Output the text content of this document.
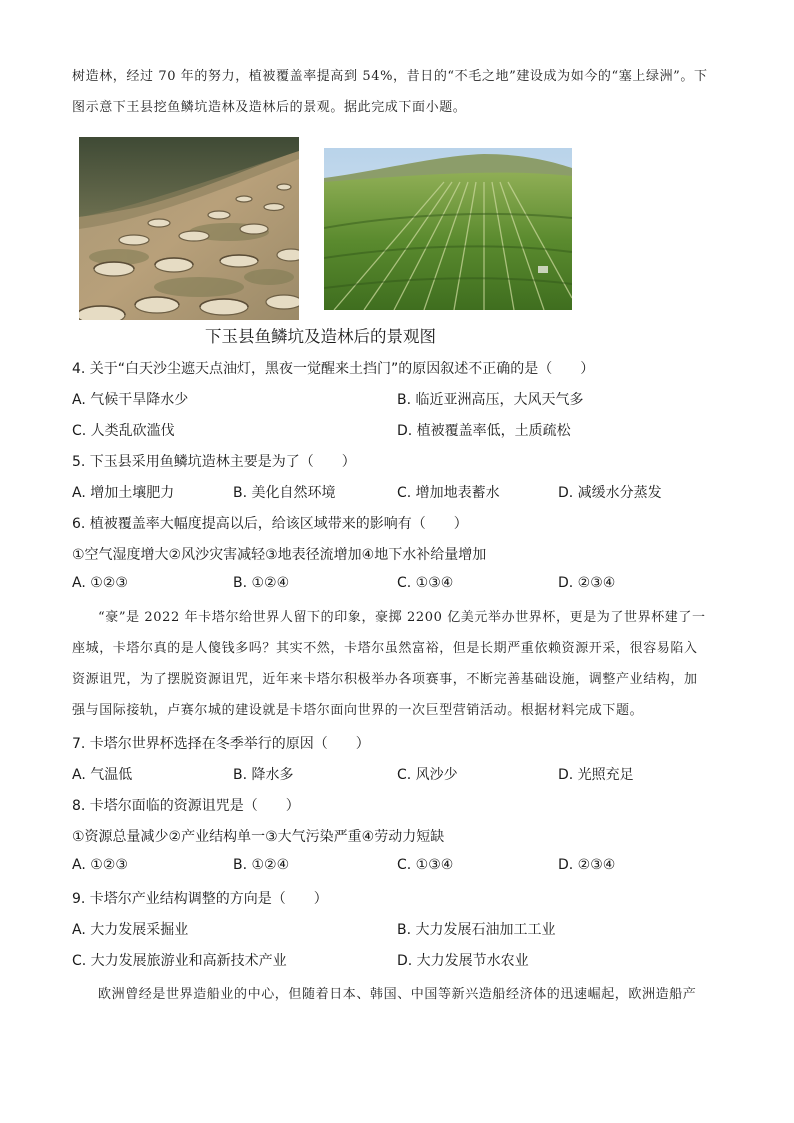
树造林，经过 70 年的努力，植被覆盖率提高到 54%，昔日的“不毛之地”建设成为如今的“塞上绿洲”。下
图示意下王县挖鱼鳞坑造林及造林后的景观。据此完成下面小题。
下玉县鱼鳞坑及造林后的景观图
4. 关于“白天沙尘遮天点油灯，黑夜一觉醒来土挡门”的原因叙述不正确的是（　　）
A. 气候干旱降水少	B. 临近亚洲高压，大风天气多
C. 人类乱砍滥伐	D. 植被覆盖率低，土质疏松
5. 下玉县采用鱼鳞坑造林主要是为了（　　）
A. 增加土壤肥力	B. 美化自然环境	C. 增加地表蓄水	D. 减缓水分蒸发
6. 植被覆盖率大幅度提高以后，给该区域带来的影响有（　　）
①空气湿度增大②风沙灾害减轻③地表径流增加④地下水补给量增加
A. ①②③	B. ①②④	C. ①③④	D. ②③④
“豪”是 2022 年卡塔尔给世界人留下的印象，豪掷 2200 亿美元举办世界杯，更是为了世界杯建了一
座城，卡塔尔真的是人傻钱多吗？其实不然，卡塔尔虽然富裕，但是长期严重依赖资源开采，很容易陷入
资源诅咒，为了摆脱资源诅咒，近年来卡塔尔积极举办各项赛事，不断完善基础设施，调整产业结构，加
强与国际接轨，卢赛尔城的建设就是卡塔尔面向世界的一次巨型营销活动。根据材料完成下题。
7. 卡塔尔世界杯选择在冬季举行的原因（　　）
A. 气温低	B. 降水多	C. 风沙少	D. 光照充足
8. 卡塔尔面临的资源诅咒是（　　）
①资源总量减少②产业结构单一③大气污染严重④劳动力短缺
A. ①②③	B. ①②④	C. ①③④	D. ②③④
9. 卡塔尔产业结构调整的方向是（　　）
A. 大力发展采掘业	B. 大力发展石油加工工业
C. 大力发展旅游业和高新技术产业	D. 大力发展节水农业
欧洲曾经是世界造船业的中心，但随着日本、韩国、中国等新兴造船经济体的迅速崛起，欧洲造船产
